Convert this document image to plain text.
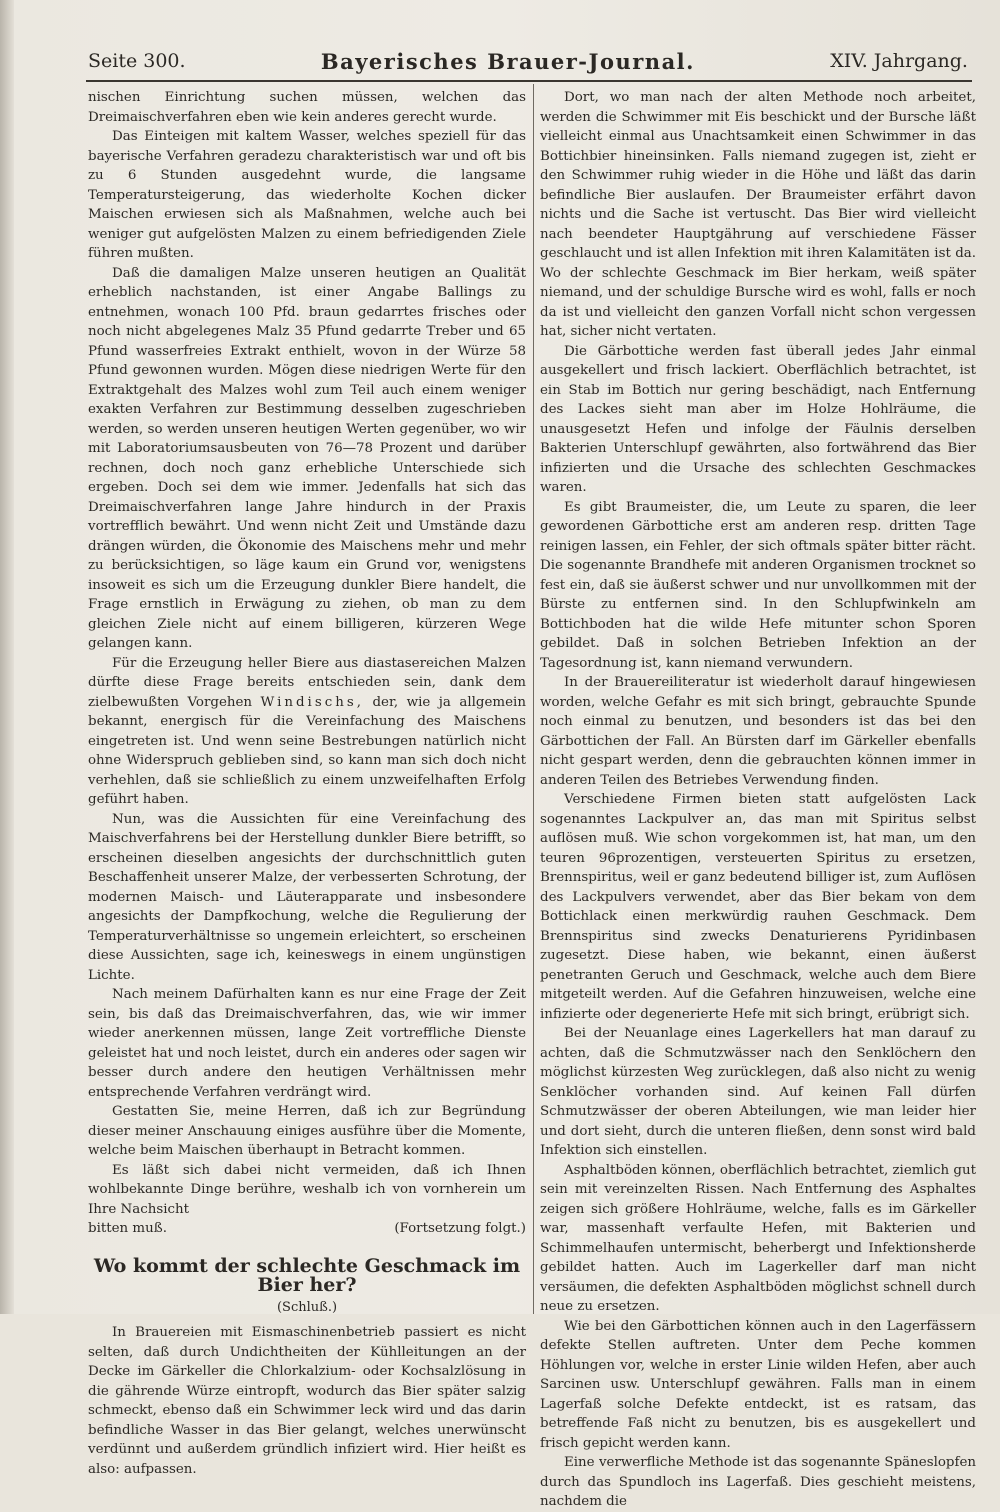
Seite 300.	Bayerisches Brauer-Journal.	XIV. Jahrgang.

nischen Einrichtung suchen müssen, welchen das Dreimaischverfahren eben wie kein anderes gerecht wurde.

Das Einteigen mit kaltem Wasser, welches speziell für das bayerische Verfahren geradezu charakteristisch war und oft bis zu 6 Stunden ausgedehnt wurde, die langsame Temperatursteigerung, das wiederholte Kochen dicker Maischen erwiesen sich als Maßnahmen, welche auch bei weniger gut aufgelösten Malzen zu einem befriedigenden Ziele führen mußten.

Daß die damaligen Malze unseren heutigen an Qualität erheblich nachstanden, ist einer Angabe Ballings zu entnehmen, wonach 100 Pfd. braun gedarrtes frisches oder noch nicht abgelegenes Malz 35 Pfund gedarrte Treber und 65 Pfund wasserfreies Extrakt enthielt, wovon in der Würze 58 Pfund gewonnen wurden. Mögen diese niedrigen Werte für den Extraktgehalt des Malzes wohl zum Teil auch einem weniger exakten Verfahren zur Bestimmung desselben zugeschrieben werden, so werden unseren heutigen Werten gegenüber, wo wir mit Laboratoriumsausbeuten von 76—78 Prozent und darüber rechnen, doch noch ganz erhebliche Unterschiede sich ergeben. Doch sei dem wie immer. Jedenfalls hat sich das Dreimaischverfahren lange Jahre hindurch in der Praxis vortrefflich bewährt. Und wenn nicht Zeit und Umstände dazu drängen würden, die Ökonomie des Maischens mehr und mehr zu berücksichtigen, so läge kaum ein Grund vor, wenigstens insoweit es sich um die Erzeugung dunkler Biere handelt, die Frage ernstlich in Erwägung zu ziehen, ob man zu dem gleichen Ziele nicht auf einem billigeren, kürzeren Wege gelangen kann.

Für die Erzeugung heller Biere aus diastasereichen Malzen dürfte diese Frage bereits entschieden sein, dank dem zielbewußten Vorgehen Windischs, der, wie ja allgemein bekannt, energisch für die Vereinfachung des Maischens eingetreten ist. Und wenn seine Bestrebungen natürlich nicht ohne Widerspruch geblieben sind, so kann man sich doch nicht verhehlen, daß sie schließlich zu einem unzweifelhaften Erfolg geführt haben.

Nun, was die Aussichten für eine Vereinfachung des Maischverfahrens bei der Herstellung dunkler Biere betrifft, so erscheinen dieselben angesichts der durchschnittlich guten Beschaffenheit unserer Malze, der verbesserten Schrotung, der modernen Maisch- und Läuterapparate und insbesondere angesichts der Dampfkochung, welche die Regulierung der Temperaturverhältnisse so ungemein erleichtert, so erscheinen diese Aussichten, sage ich, keineswegs in einem ungünstigen Lichte.

Nach meinem Dafürhalten kann es nur eine Frage der Zeit sein, bis daß das Dreimaischverfahren, das, wie wir immer wieder anerkennen müssen, lange Zeit vortreffliche Dienste geleistet hat und noch leistet, durch ein anderes oder sagen wir besser durch andere den heutigen Verhältnissen mehr entsprechende Verfahren verdrängt wird.

Gestatten Sie, meine Herren, daß ich zur Begründung dieser meiner Anschauung einiges ausführe über die Momente, welche beim Maischen überhaupt in Betracht kommen.

Es läßt sich dabei nicht vermeiden, daß ich Ihnen wohlbekannte Dinge berühre, weshalb ich von vornherein um Ihre Nachsicht

bitten muß.	(Fortsetzung folgt.)
Wo kommt der schlechte Geschmack im Bier her?
(Schluß.)

In Brauereien mit Eismaschinenbetrieb passiert es nicht selten, daß durch Undichtheiten der Kühlleitungen an der Decke im Gärkeller die Chlorkalzium- oder Kochsalzlösung in die gährende Würze eintropft, wodurch das Bier später salzig schmeckt, ebenso daß ein Schwimmer leck wird und das darin befindliche Wasser in das Bier gelangt, welches unerwünscht verdünnt und außerdem gründlich infiziert wird. Hier heißt es also: aufpassen.

Dort, wo man nach der alten Methode noch arbeitet, werden die Schwimmer mit Eis beschickt und der Bursche läßt vielleicht einmal aus Unachtsamkeit einen Schwimmer in das Bottichbier hineinsinken. Falls niemand zugegen ist, zieht er den Schwimmer ruhig wieder in die Höhe und läßt das darin befindliche Bier auslaufen. Der Braumeister erfährt davon nichts und die Sache ist vertuscht. Das Bier wird vielleicht nach beendeter Hauptgährung auf verschiedene Fässer geschlaucht und ist allen Infektion mit ihren Kalamitäten ist da. Wo der schlechte Geschmack im Bier herkam, weiß später niemand, und der schuldige Bursche wird es wohl, falls er noch da ist und vielleicht den ganzen Vorfall nicht schon vergessen hat, sicher nicht vertaten.

Die Gärbottiche werden fast überall jedes Jahr einmal ausgekellert und frisch lackiert. Oberflächlich betrachtet, ist ein Stab im Bottich nur gering beschädigt, nach Entfernung des Lackes sieht man aber im Holze Hohlräume, die unausgesetzt Hefen und infolge der Fäulnis derselben Bakterien Unterschlupf gewährten, also fortwährend das Bier infizierten und die Ursache des schlechten Geschmackes waren.

Es gibt Braumeister, die, um Leute zu sparen, die leer gewordenen Gärbottiche erst am anderen resp. dritten Tage reinigen lassen, ein Fehler, der sich oftmals später bitter rächt. Die sogenannte Brandhefe mit anderen Organismen trocknet so fest ein, daß sie äußerst schwer und nur unvollkommen mit der Bürste zu entfernen sind. In den Schlupfwinkeln am Bottichboden hat die wilde Hefe mitunter schon Sporen gebildet. Daß in solchen Betrieben Infektion an der Tagesordnung ist, kann niemand verwundern.

In der Brauereiliteratur ist wiederholt darauf hingewiesen worden, welche Gefahr es mit sich bringt, gebrauchte Spunde noch einmal zu benutzen, und besonders ist das bei den Gärbottichen der Fall. An Bürsten darf im Gärkeller ebenfalls nicht gespart werden, denn die gebrauchten können immer in anderen Teilen des Betriebes Verwendung finden.

Verschiedene Firmen bieten statt aufgelösten Lack sogenanntes Lackpulver an, das man mit Spiritus selbst auflösen muß. Wie schon vorgekommen ist, hat man, um den teuren 96prozentigen, versteuerten Spiritus zu ersetzen, Brennspiritus, weil er ganz bedeutend billiger ist, zum Auflösen des Lackpulvers verwendet, aber das Bier bekam von dem Bottichlack einen merkwürdig rauhen Geschmack. Dem Brennspiritus sind zwecks Denaturierens Pyridinbasen zugesetzt. Diese haben, wie bekannt, einen äußerst penetranten Geruch und Geschmack, welche auch dem Biere mitgeteilt werden. Auf die Gefahren hinzuweisen, welche eine infizierte oder degenerierte Hefe mit sich bringt, erübrigt sich.

Bei der Neuanlage eines Lagerkellers hat man darauf zu achten, daß die Schmutzwässer nach den Senklöchern den möglichst kürzesten Weg zurücklegen, daß also nicht zu wenig Senklöcher vorhanden sind. Auf keinen Fall dürfen Schmutzwässer der oberen Abteilungen, wie man leider hier und dort sieht, durch die unteren fließen, denn sonst wird bald Infektion sich einstellen.

Asphaltböden können, oberflächlich betrachtet, ziemlich gut sein mit vereinzelten Rissen. Nach Entfernung des Asphaltes zeigen sich größere Hohlräume, welche, falls es im Gärkeller war, massenhaft verfaulte Hefen, mit Bakterien und Schimmelhaufen untermischt, beherbergt und Infektionsherde gebildet hatten. Auch im Lagerkeller darf man nicht versäumen, die defekten Asphaltböden möglichst schnell durch neue zu ersetzen.

Wie bei den Gärbottichen können auch in den Lagerfässern defekte Stellen auftreten. Unter dem Peche kommen Höhlungen vor, welche in erster Linie wilden Hefen, aber auch Sarcinen usw. Unterschlupf gewähren. Falls man in einem Lagerfaß solche Defekte entdeckt, ist es ratsam, das betreffende Faß nicht zu benutzen, bis es ausgekellert und frisch gepicht werden kann.

Eine verwerfliche Methode ist das sogenannte Späneslopfen durch das Spundloch ins Lagerfaß. Dies geschieht meistens, nachdem die
